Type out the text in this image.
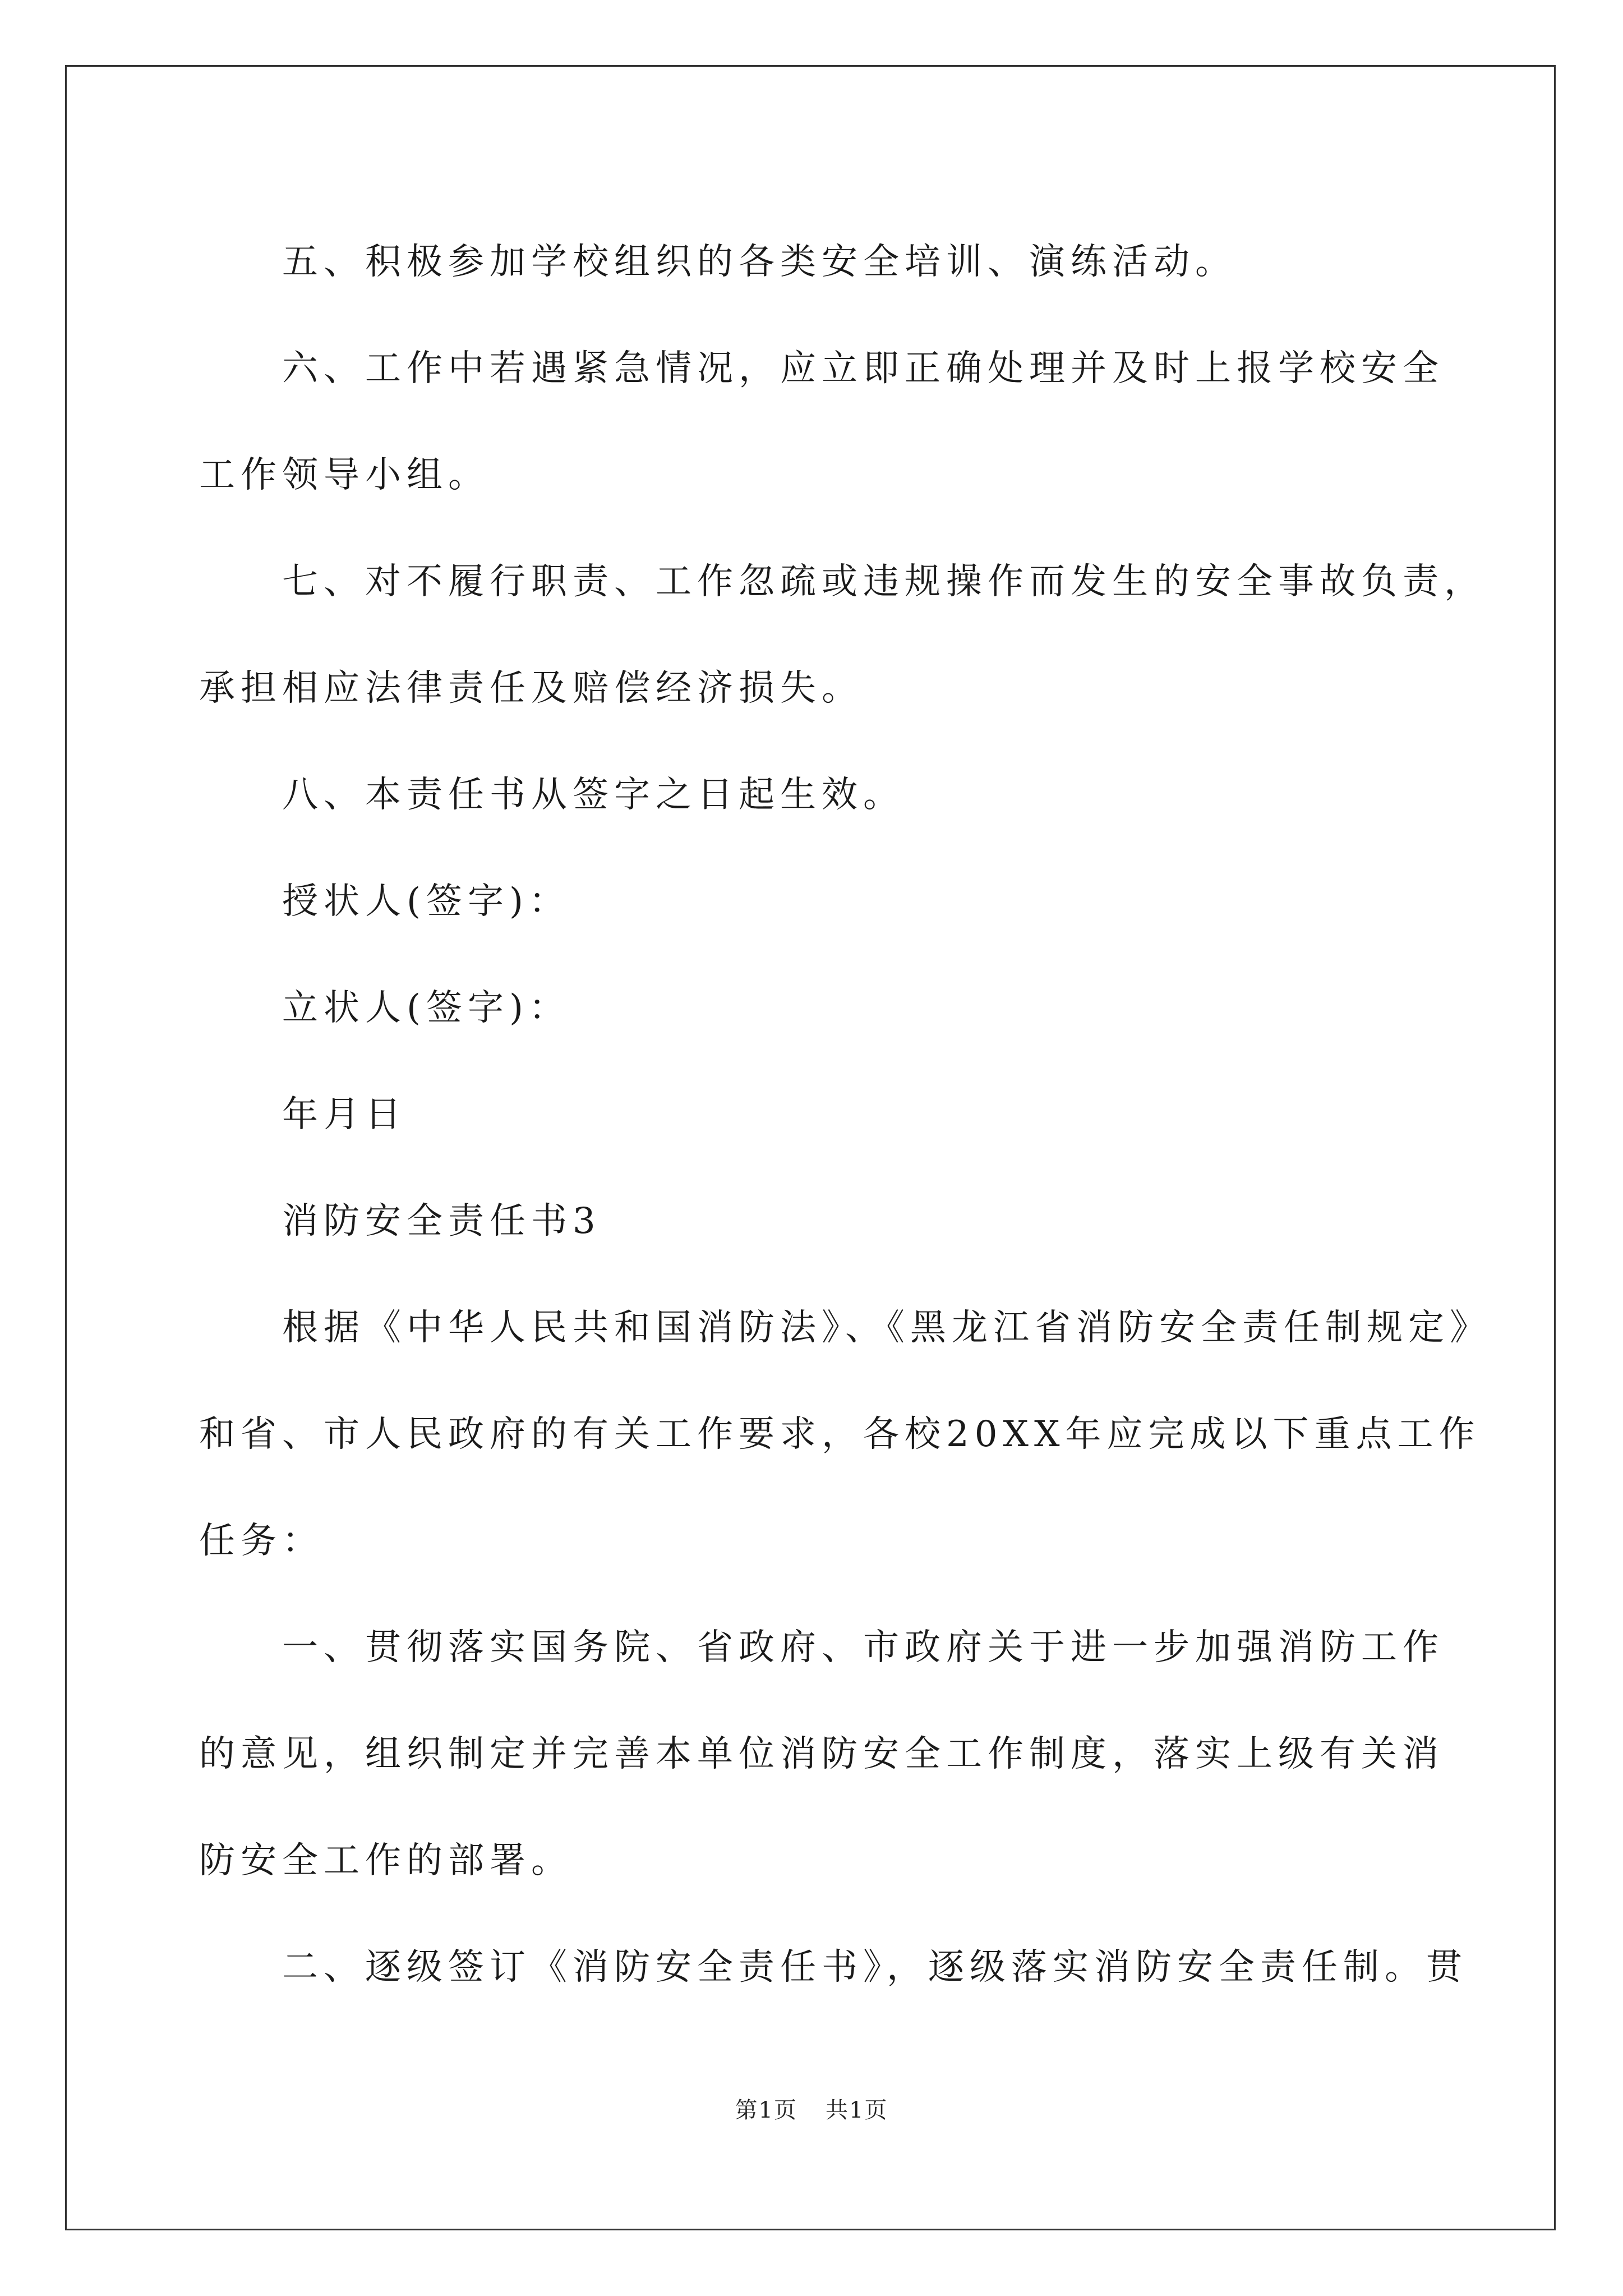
五、积极参加学校组织的各类安全培训、演练活动。

六、工作中若遇紧急情况，应立即正确处理并及时上报学校安全

工作领导小组。

七、对不履行职责、工作忽疏或违规操作而发生的安全事故负责，

承担相应法律责任及赔偿经济损失。

八、本责任书从签字之日起生效。

授状人(签字)：

立状人(签字)：

年月日

消防安全责任书3

根据《中华人民共和国消防法》、《黑龙江省消防安全责任制规定》

和省、市人民政府的有关工作要求，各校20XX年应完成以下重点工作

任务：

一、贯彻落实国务院、省政府、市政府关于进一步加强消防工作

的意见，组织制定并完善本单位消防安全工作制度，落实上级有关消

防安全工作的部署。

二、逐级签订《消防安全责任书》，逐级落实消防安全责任制。贯

第1页 共1页
